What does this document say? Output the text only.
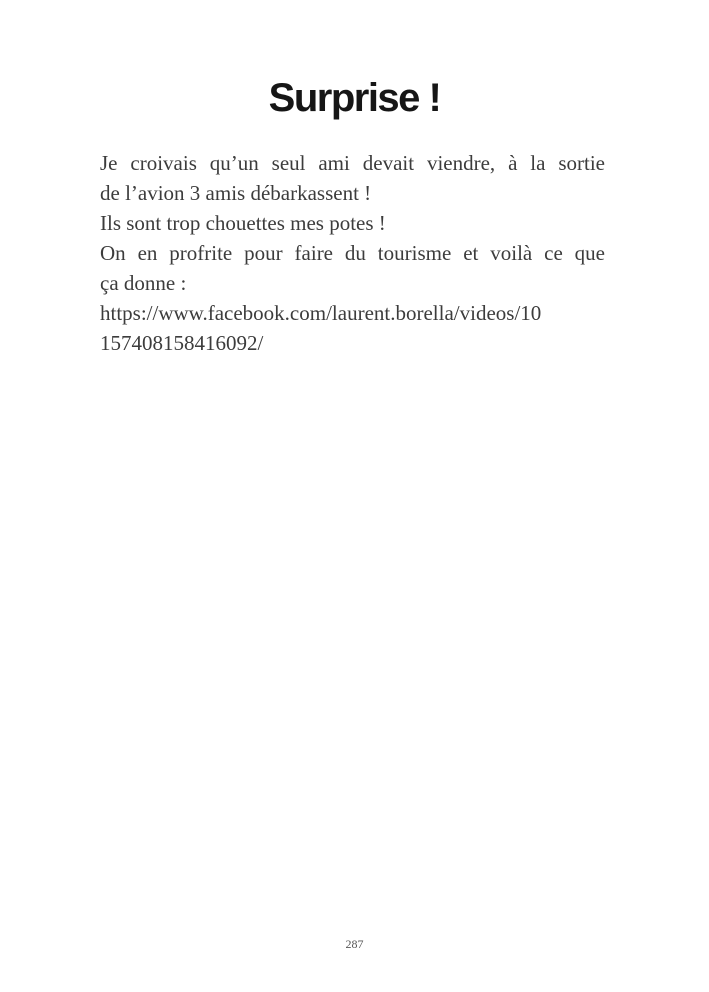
Surprise !
Je croivais qu’un seul ami devait viendre, à la sortie
de l’avion 3 amis débarkassent !
Ils sont trop chouettes mes potes !
On en profrite pour faire du tourisme et voilà ce que
ça donne :
https://www.facebook.com/laurent.borella/videos/10
157408158416092/
287
